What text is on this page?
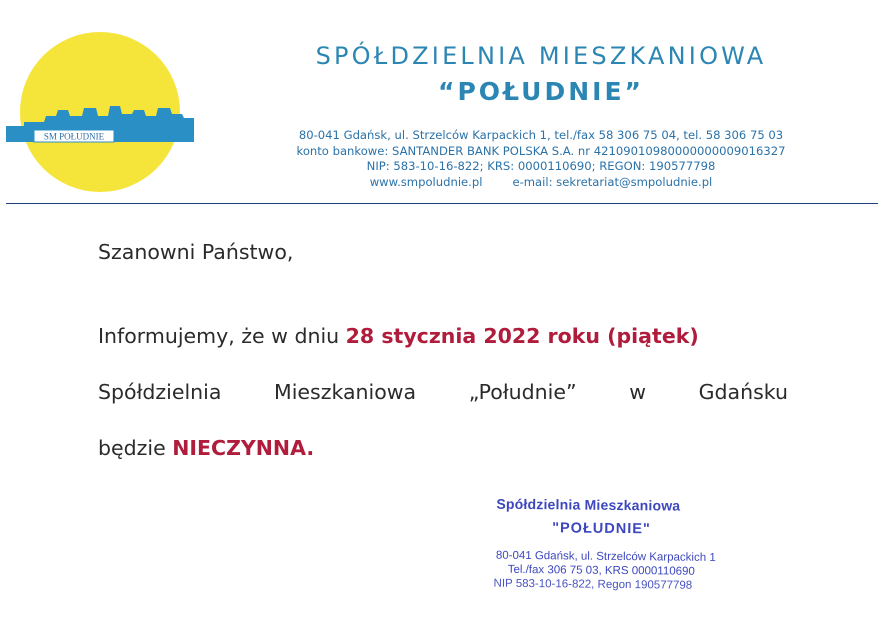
SM POŁUDNIE
SPÓŁDZIELNIA MIESZKANIOWA
“POŁUDNIE”
80-041 Gdańsk, ul. Strzelców Karpackich 1, tel./fax 58 306 75 04, tel. 58 306 75 03
konto bankowe: SANTANDER BANK POLSKA S.A. nr 42109010980000000009016327
NIP: 583-10-16-822; KRS: 0000110690; REGON: 190577798
www.smpoludnie.pl	e-mail: sekretariat@smpoludnie.pl

Szanowni Państwo,

Informujemy, że w dniu 28 stycznia 2022 roku (piątek)

Spółdzielnia	Mieszkaniowa	„Południe”	w	Gdańsku

będzie NIECZYNNA.

Spółdzielnia Mieszkaniowa
"POŁUDNIE"
80-041 Gdańsk, ul. Strzelców Karpackich 1
Tel./fax 306 75 03, KRS 0000110690
NIP 583-10-16-822, Regon 190577798
